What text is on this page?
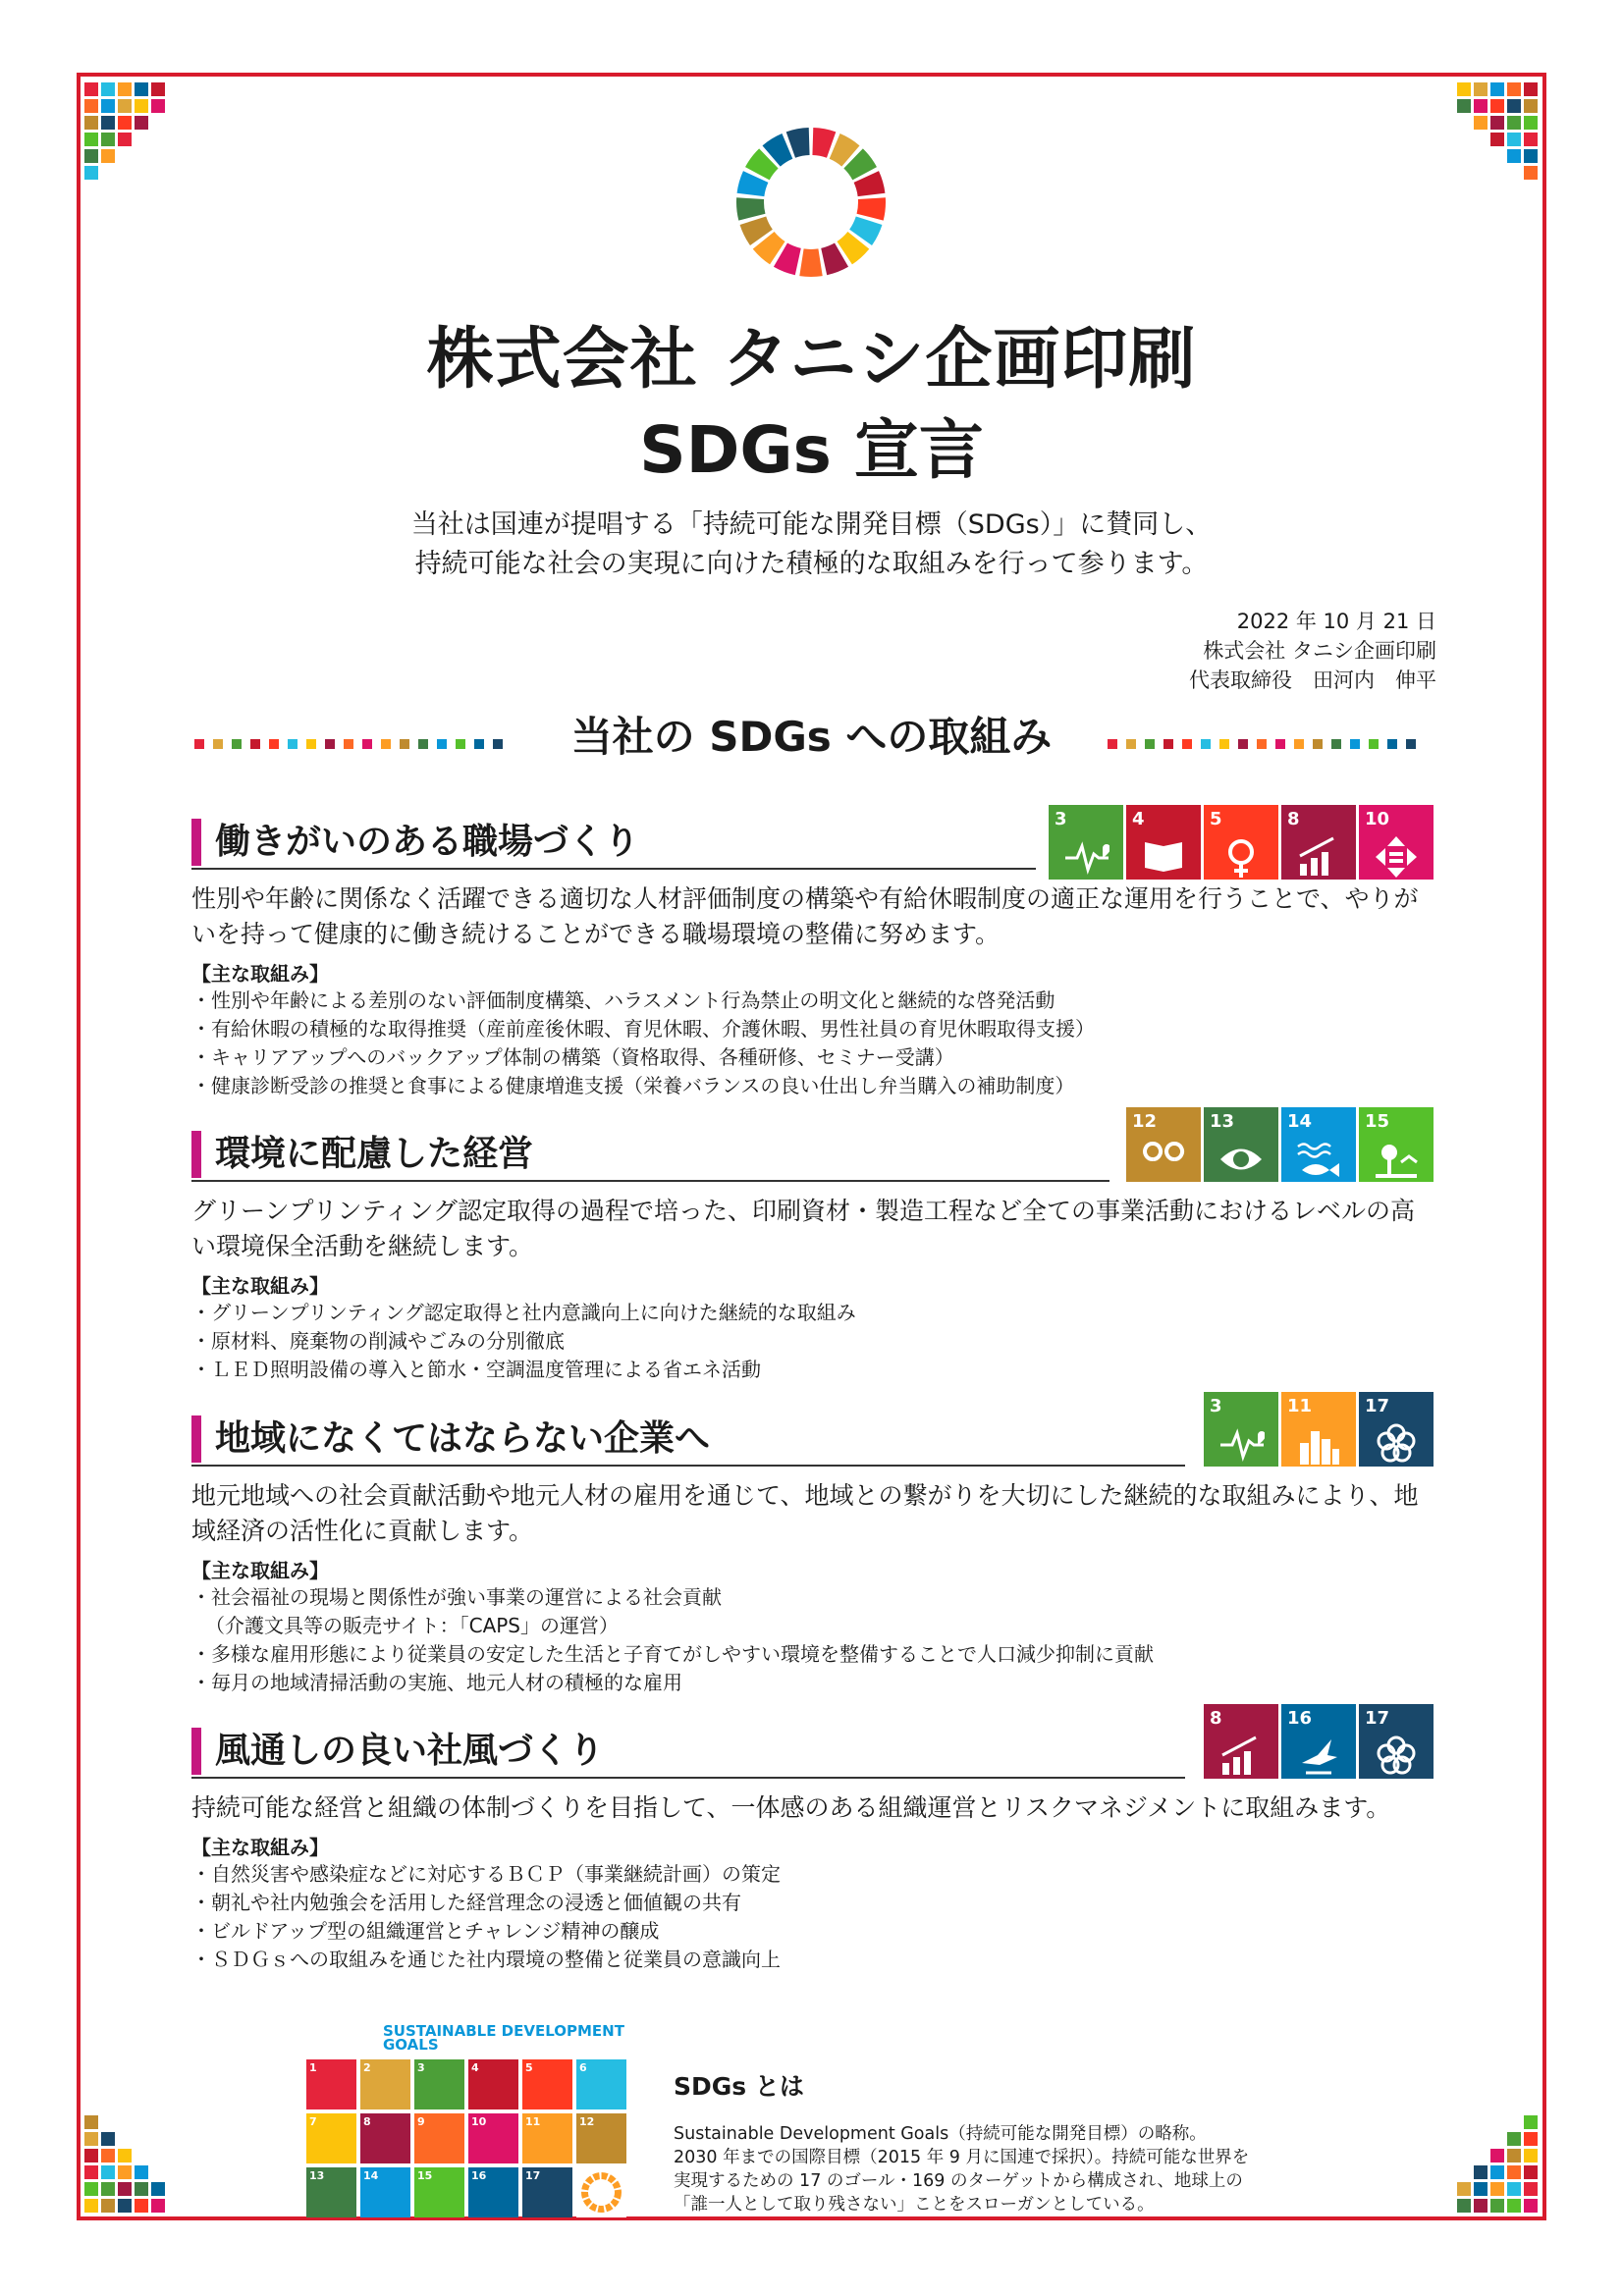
株式会社 タニシ企画印刷
SDGs 宣言
当社は国連が提唱する「持続可能な開発目標（SDGs）」に賛同し、
持続可能な社会の実現に向けた積極的な取組みを行って参ります。
2022 年 10 月 21 日
株式会社 タニシ企画印刷
代表取締役　田河内　伸平
当社の SDGs への取組み
働きがいのある職場づくり
3	4	5	8	10
性別や年齢に関係なく活躍できる適切な人材評価制度の構築や有給休暇制度の適正な運用を行うことで、やりがいを持って健康的に働き続けることができる職場環境の整備に努めます。
【主な取組み】
・性別や年齢による差別のない評価制度構築、ハラスメント行為禁止の明文化と継続的な啓発活動
・有給休暇の積極的な取得推奨（産前産後休暇、育児休暇、介護休暇、男性社員の育児休暇取得支援）
・キャリアアップへのバックアップ体制の構築（資格取得、各種研修、セミナー受講）
・健康診断受診の推奨と食事による健康増進支援（栄養バランスの良い仕出し弁当購入の補助制度）
環境に配慮した経営
12	13	14	15
グリーンプリンティング認定取得の過程で培った、印刷資材・製造工程など全ての事業活動におけるレベルの高い環境保全活動を継続します。
【主な取組み】
・グリーンプリンティング認定取得と社内意識向上に向けた継続的な取組み
・原材料、廃棄物の削減やごみの分別徹底
・ＬＥＤ照明設備の導入と節水・空調温度管理による省エネ活動
地域になくてはならない企業へ
3	11	17
地元地域への社会貢献活動や地元人材の雇用を通じて、地域との繋がりを大切にした継続的な取組みにより、地域経済の活性化に貢献します。
【主な取組み】
・社会福祉の現場と関係性が強い事業の運営による社会貢献
（介護文具等の販売サイト：「CAPS」の運営）
・多様な雇用形態により従業員の安定した生活と子育てがしやすい環境を整備することで人口減少抑制に貢献
・毎月の地域清掃活動の実施、地元人材の積極的な雇用
風通しの良い社風づくり
8	16	17
持続可能な経営と組織の体制づくりを目指して、一体感のある組織運営とリスクマネジメントに取組みます。
【主な取組み】
・自然災害や感染症などに対応するＢＣＰ（事業継続計画）の策定
・朝礼や社内勉強会を活用した経営理念の浸透と価値観の共有
・ビルドアップ型の組織運営とチャレンジ精神の醸成
・ＳＤＧｓへの取組みを通じた社内環境の整備と従業員の意識向上
SUSTAINABLE DEVELOPMENT GOALS
1	2	3	4	5	6
7	8	9	10	11	12
13	14	15	16	17
SDGs とは
Sustainable Development Goals（持続可能な開発目標）の略称。
2030 年までの国際目標（2015 年 9 月に国連で採択）。持続可能な世界を
実現するための 17 のゴール・169 のターゲットから構成され、地球上の
「誰一人として取り残さない」ことをスローガンとしている。
